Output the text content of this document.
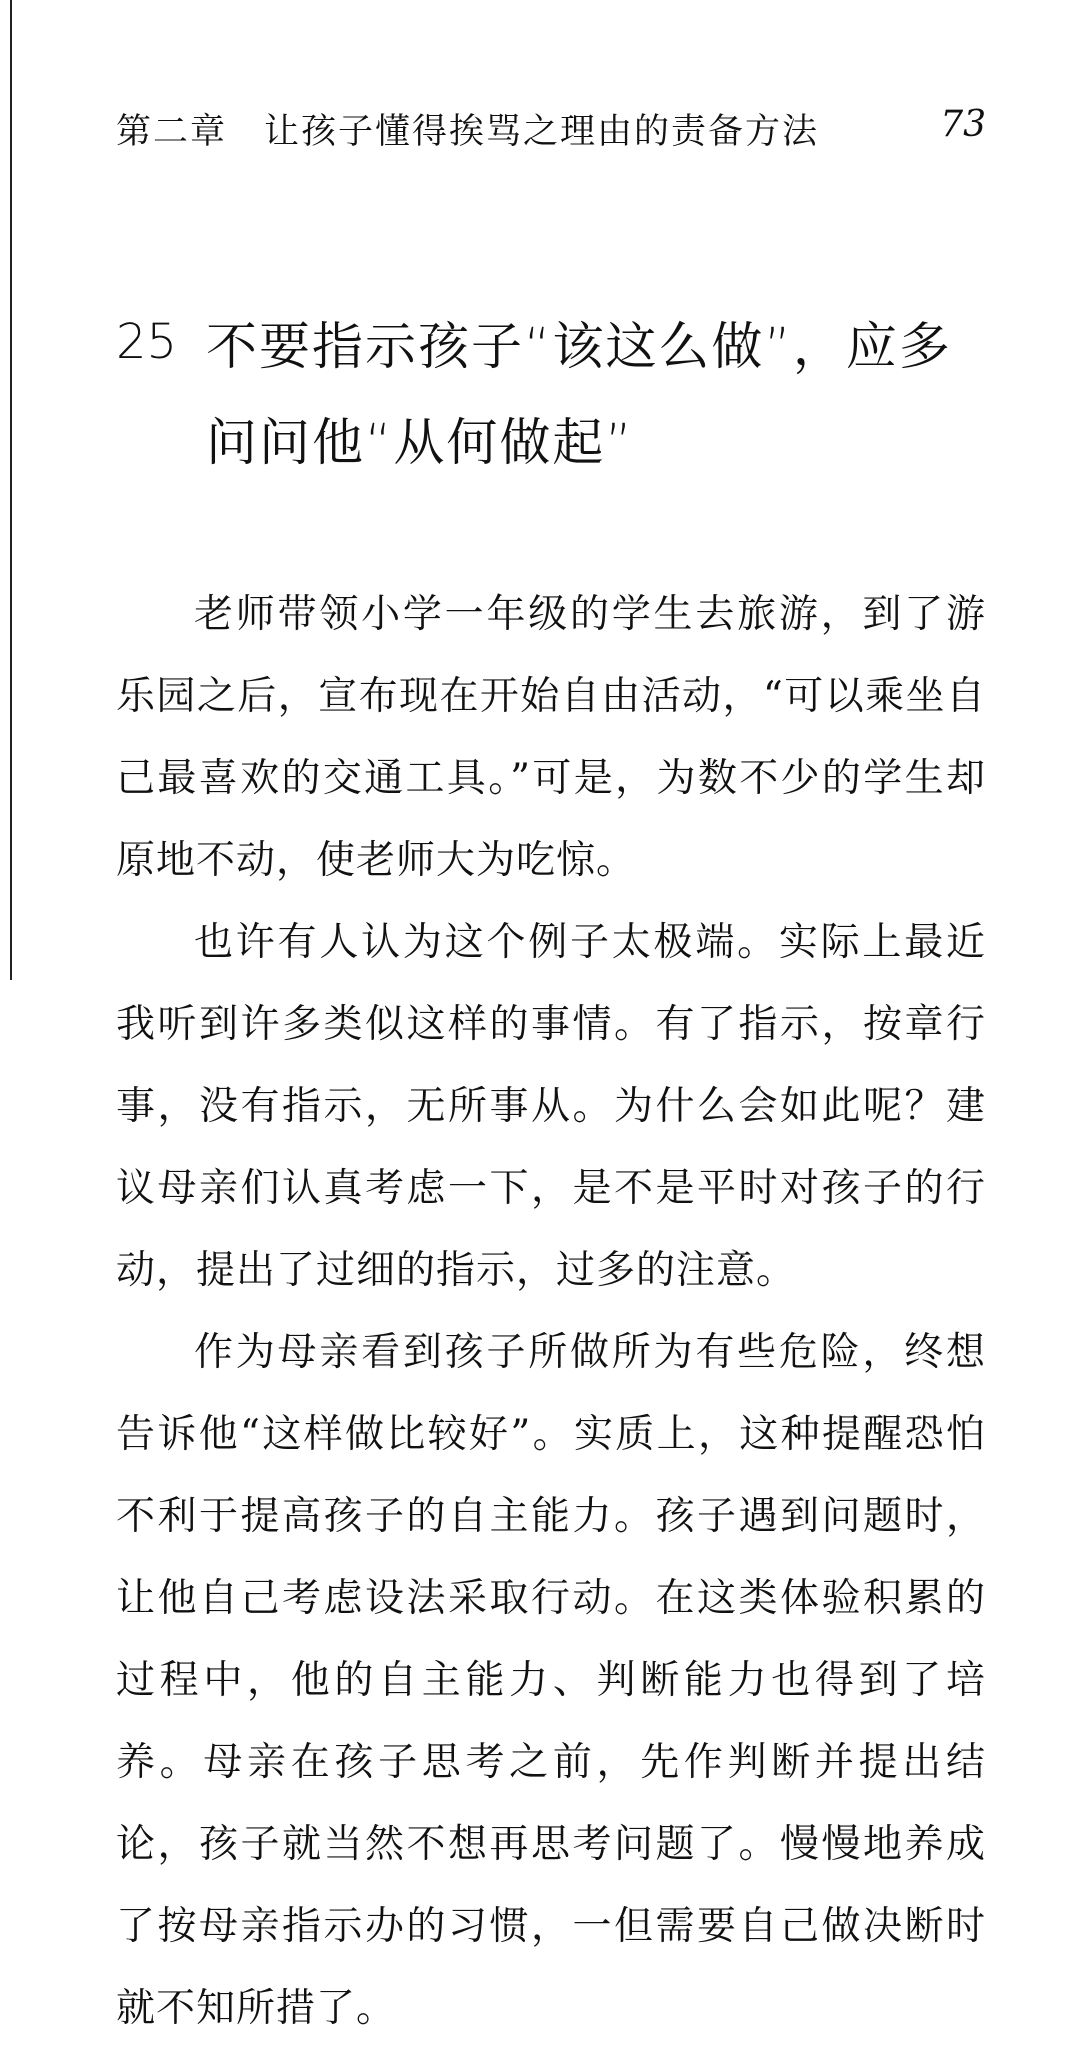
第二章　让孩子懂得挨骂之理由的责备方法	73
25 不要指示孩子“该这么做”，应多问问他“从何做起”

老师带领小学一年级的学生去旅游，到了游乐园之后，宣布现在开始自由活动，“可以乘坐自己最喜欢的交通工具。”可是，为数不少的学生却原地不动，使老师大为吃惊。

也许有人认为这个例子太极端。实际上最近我听到许多类似这样的事情。有了指示，按章行事，没有指示，无所事从。为什么会如此呢？建议母亲们认真考虑一下，是不是平时对孩子的行动，提出了过细的指示，过多的注意。

作为母亲看到孩子所做所为有些危险，终想告诉他“这样做比较好”。实质上，这种提醒恐怕不利于提高孩子的自主能力。孩子遇到问题时，让他自己考虑设法采取行动。在这类体验积累的过程中，他的自主能力、判断能力也得到了培养。母亲在孩子思考之前，先作判断并提出结论，孩子就当然不想再思考问题了。慢慢地养成了按母亲指示办的习惯，一但需要自己做决断时就不知所措了。
